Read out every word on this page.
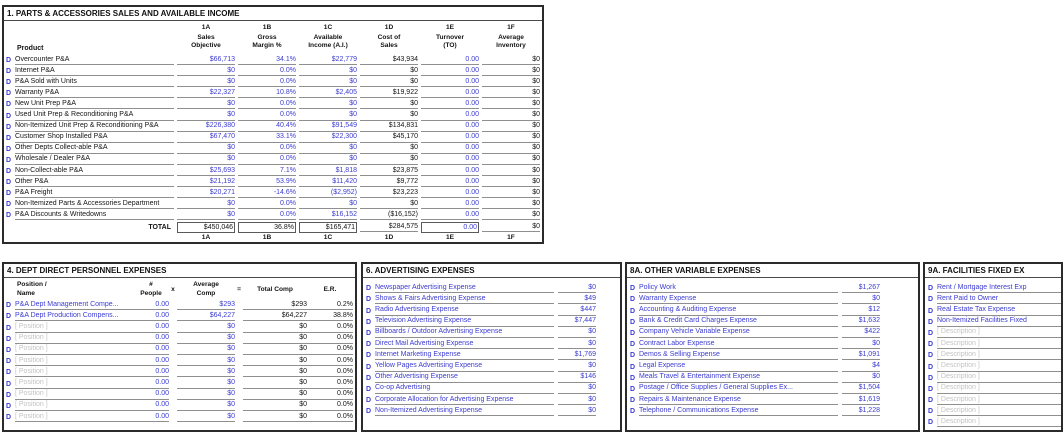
1. PARTS & ACCESSORIES SALES AND AVAILABLE INCOME
Product
1A
Sales
Objective
1B
Gross
Margin %
1C
Available
Income (A.I.)
1D
Cost of
Sales
1E
Turnover
(TO)
1F
Average
Inventory
D Overcounter P&A	$66,713	34.1%	$22,779	$43,934	0.00	$0
D Internet P&A	$0	0.0%	$0	$0	0.00	$0
D P&A Sold with Units	$0	0.0%	$0	$0	0.00	$0
D Warranty P&A	$22,327	10.8%	$2,405	$19,922	0.00	$0
D New Unit Prep P&A	$0	0.0%	$0	$0	0.00	$0
D Used Unit Prep & Reconditioning P&A	$0	0.0%	$0	$0	0.00	$0
D Non-Itemized Unit Prep & Reconditioning P&A	$226,380	40.4%	$91,549	$134,831	0.00	$0
D Customer Shop Installed P&A	$67,470	33.1%	$22,300	$45,170	0.00	$0
D Other Depts Collect-able P&A	$0	0.0%	$0	$0	0.00	$0
D Wholesale / Dealer P&A	$0	0.0%	$0	$0	0.00	$0
D Non-Collect-able P&A	$25,693	7.1%	$1,818	$23,875	0.00	$0
D Other P&A	$21,192	53.9%	$11,420	$9,772	0.00	$0
D P&A Freight	$20,271	-14.6%	($2,952)	$23,223	0.00	$0
D Non-Itemized Parts & Accessories Department	$0	0.0%	$0	$0	0.00	$0
D P&A Discounts & Writedowns	$0	0.0%	$16,152	($16,152)	0.00	$0
TOTAL	$450,046	36.8%	$165,471	$284,575	0.00	$0
1A	1B	1C	1D	1E	1F
4. DEPT DIRECT PERSONNEL EXPENSES
Position /
Name
#
People
x
Average
Comp
=	Total Comp	E.R.
D P&A Dept Management Compe...	0.00	$293	$293	0.2%
D P&A Dept Production Compens...	0.00	$64,227	$64,227	38.8%
D [ Position ]	0.00	$0	$0	0.0%
D [ Position ]	0.00	$0	$0	0.0%
D [ Position ]	0.00	$0	$0	0.0%
D [ Position ]	0.00	$0	$0	0.0%
D [ Position ]	0.00	$0	$0	0.0%
D [ Position ]	0.00	$0	$0	0.0%
D [ Position ]	0.00	$0	$0	0.0%
D [ Position ]	0.00	$0	$0	0.0%
D [ Position ]	0.00	$0	$0	0.0%
6. ADVERTISING EXPENSES
D Newspaper Advertising Expense	$0
D Shows & Fairs Advertising Expense	$49
D Radio Advertising Expense	$447
D Television Advertising Expense	$7,447
D Billboards / Outdoor Advertising Expense	$0
D Direct Mail Advertising Expense	$0
D Internet Marketing Expense	$1,769
D Yellow Pages Advertising Expense	$0
D Other Advertising Expense	$146
D Co-op Advertising	$0
D Corporate Allocation for Advertising Expense	$0
D Non-Itemized Advertising Expense	$0
8A. OTHER VARIABLE EXPENSES
D Policy Work	$1,267
D Warranty Expense	$0
D Accounting & Auditing Expense	$12
D Bank & Credit Card Charges Expense	$1,632
D Company Vehicle Variable Expense	$422
D Contract Labor Expense	$0
D Demos & Selling Expense	$1,091
D Legal Expense	$4
D Meals Travel & Entertainment Expense	$0
D Postage / Office Supplies / General Supplies Ex...	$1,504
D Repairs & Maintenance Expense	$1,619
D Telephone / Communications Expense	$1,228
9A. FACILITIES FIXED EX
D Rent / Mortgage Interest Exp
D Rent Paid to Owner
D Real Estate Tax Expense
D Non-Itemized Facilities Fixed
D [ Description ]
D [ Description ]
D [ Description ]
D [ Description ]
D [ Description ]
D [ Description ]
D [ Description ]
D [ Description ]
D [ Description ]
